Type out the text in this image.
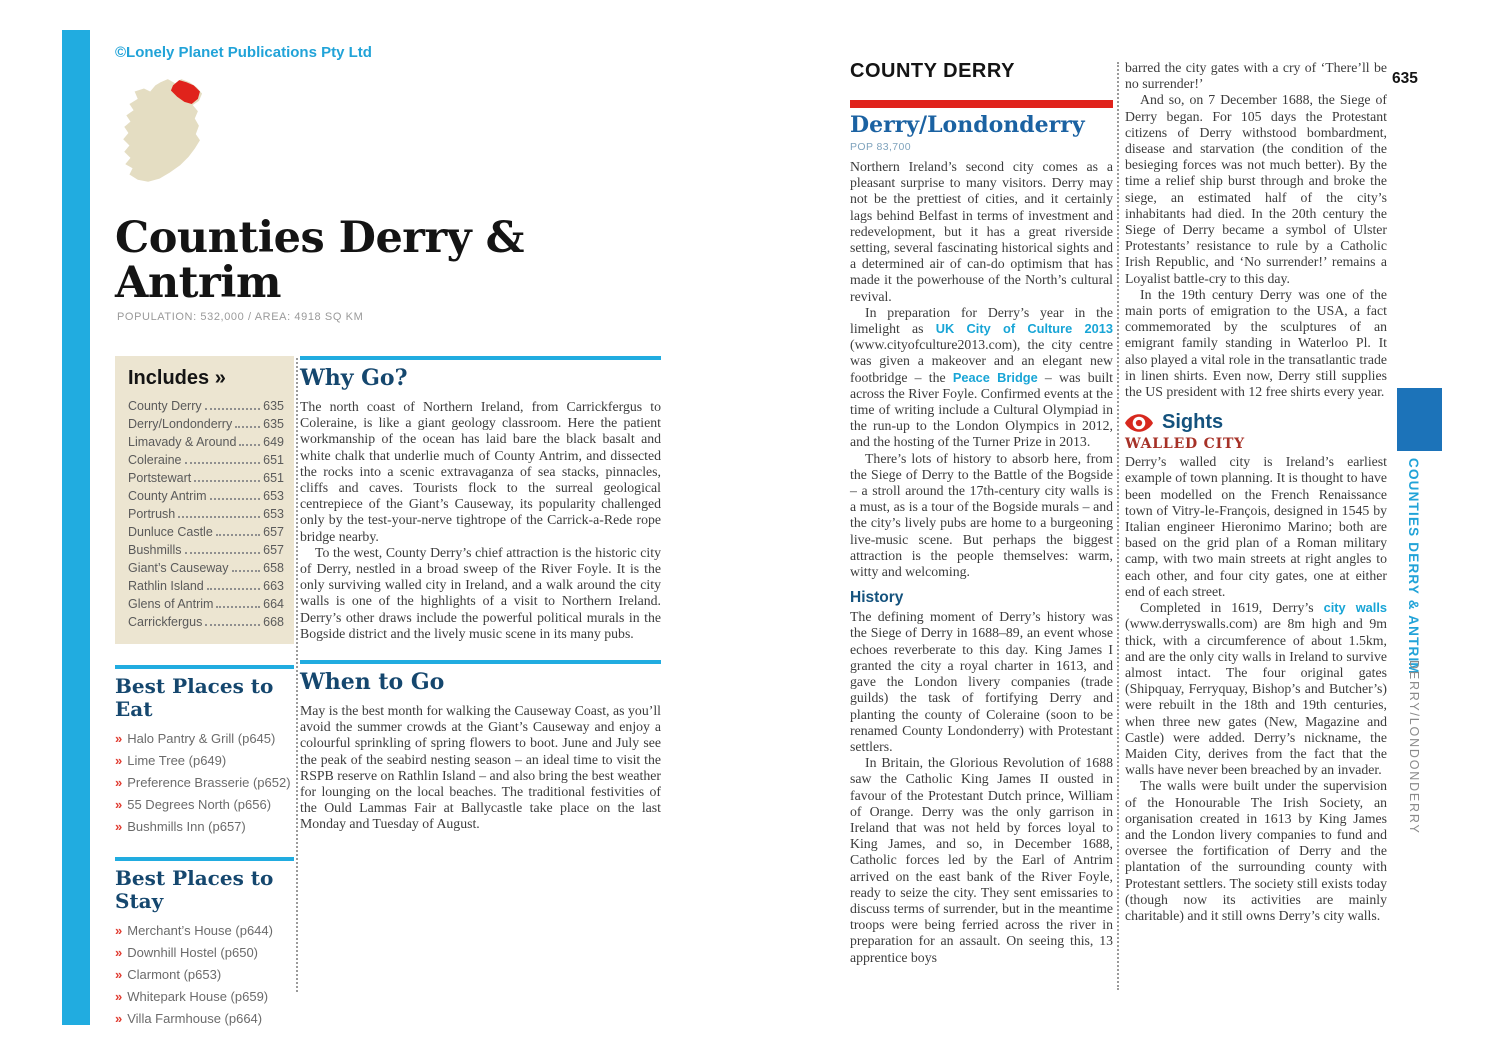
©Lonely Planet Publications Pty Ltd
Counties Derry &
Antrim
POPULATION: 532,000 / AREA: 4918 SQ KM
Includes »
County Derry	635
Derry/Londonderry 635
Limavady & Around 649
Coleraine	651
Portstewart	651
County Antrim	653
Portrush	653
Dunluce Castle	657
Bushmills	657
Giant’s Causeway	658
Rathlin Island	663
Glens of Antrim	664
Carrickfergus	668
Best Places to Eat
» Halo Pantry & Grill (p645)
» Lime Tree (p649)
» Preference Brasserie (p652)
» 55 Degrees North (p656)
» Bushmills Inn (p657)
Best Places to Stay
» Merchant’s House (p644)
» Downhill Hostel (p650)
» Clarmont (p653)
» Whitepark House (p659)
» Villa Farmhouse (p664)
Why Go?

The north coast of Northern Ireland, from Carrickfergus to Coleraine, is like a giant geology classroom. Here the patient workmanship of the ocean has laid bare the black basalt and white chalk that underlie much of County Antrim, and dissected the rocks into a scenic extravaganza of sea stacks, pinnacles, cliffs and caves. Tourists flock to the surreal geological centrepiece of the Giant’s Causeway, its popularity challenged only by the test-your-nerve tightrope of the Carrick-a-Rede rope bridge nearby.

To the west, County Derry’s chief attraction is the historic city of Derry, nestled in a broad sweep of the River Foyle. It is the only surviving walled city in Ireland, and a walk around the city walls is one of the highlights of a visit to Northern Ireland. Derry’s other draws include the powerful political murals in the Bogside district and the lively music scene in its many pubs.

When to Go

May is the best month for walking the Causeway Coast, as you’ll avoid the summer crowds at the Giant’s Causeway and enjoy a colourful sprinkling of spring flowers to boot. June and July see the peak of the seabird nesting season – an ideal time to visit the RSPB reserve on Rathlin Island – and also bring the best weather for lounging on the local beaches. The traditional festivities of the Ould Lammas Fair at Ballycastle take place on the last Monday and Tuesday of August.

COUNTY DERRY
Derry/Londonderry
POP 83,700

Northern Ireland’s second city comes as a pleasant surprise to many visitors. Derry may not be the prettiest of cities, and it certainly lags behind Belfast in terms of investment and redevelopment, but it has a great riverside setting, several fascinating historical sights and a determined air of can-do optimism that has made it the powerhouse of the North’s cultural revival.

In preparation for Derry’s year in the limelight as UK City of Culture 2013 (www.cityofculture2013.com), the city centre was given a makeover and an elegant new footbridge – the Peace Bridge – was built across the River Foyle. Confirmed events at the time of writing include a Cultural Olympiad in the run-up to the London Olympics in 2012, and the hosting of the Turner Prize in 2013.

There’s lots of history to absorb here, from the Siege of Derry to the Battle of the Bogside – a stroll around the 17th-century city walls is a must, as is a tour of the Bogside murals – and the city’s lively pubs are home to a burgeoning live-music scene. But perhaps the biggest attraction is the people themselves: warm, witty and welcoming.

History

The defining moment of Derry’s history was the Siege of Derry in 1688–89, an event whose echoes reverberate to this day. King James I granted the city a royal charter in 1613, and gave the London livery companies (trade guilds) the task of fortifying Derry and planting the county of Coleraine (soon to be renamed County Londonderry) with Protestant settlers.

In Britain, the Glorious Revolution of 1688 saw the Catholic King James II ousted in favour of the Protestant Dutch prince, William of Orange. Derry was the only garrison in Ireland that was not held by forces loyal to King James, and so, in December 1688, Catholic forces led by the Earl of Antrim arrived on the east bank of the River Foyle, ready to seize the city. They sent emissaries to discuss terms of surrender, but in the meantime troops were being ferried across the river in preparation for an assault. On seeing this, 13 apprentice boys

barred the city gates with a cry of ‘There’ll be no surrender!’

And so, on 7 December 1688, the Siege of Derry began. For 105 days the Protestant citizens of Derry withstood bombardment, disease and starvation (the condition of the besieging forces was not much better). By the time a relief ship burst through and broke the siege, an estimated half of the city’s inhabitants had died. In the 20th century the Siege of Derry became a symbol of Ulster Protestants’ resistance to rule by a Catholic Irish Republic, and ‘No surrender!’ remains a Loyalist battle-cry to this day.

In the 19th century Derry was one of the main ports of emigration to the USA, a fact commemorated by the sculptures of an emigrant family standing in Waterloo Pl. It also played a vital role in the transatlantic trade in linen shirts. Even now, Derry still supplies the US president with 12 free shirts every year.

Sights
WALLED CITY

Derry’s walled city is Ireland’s earliest example of town planning. It is thought to have been modelled on the French Renaissance town of Vitry-le-François, designed in 1545 by Italian engineer Hieronimo Marino; both are based on the grid plan of a Roman military camp, with two main streets at right angles to each other, and four city gates, one at either end of each street.

Completed in 1619, Derry’s city walls (www.derryswalls.com) are 8m high and 9m thick, with a circumference of about 1.5km, and are the only city walls in Ireland to survive almost intact. The four original gates (Shipquay, Ferryquay, Bishop’s and Butcher’s) were rebuilt in the 18th and 19th centuries, when three new gates (New, Magazine and Castle) were added. Derry’s nickname, the Maiden City, derives from the fact that the walls have never been breached by an invader.

The walls were built under the supervision of the Honourable The Irish Society, an organisation created in 1613 by King James and the London livery companies to fund and oversee the fortification of Derry and the plantation of the surrounding county with Protestant settlers. The society still exists today (though now its activities are mainly charitable) and it still owns Derry’s city walls.

635
COUNTIES DERRY & ANTRIM
DERRY/LONDONDERRY
